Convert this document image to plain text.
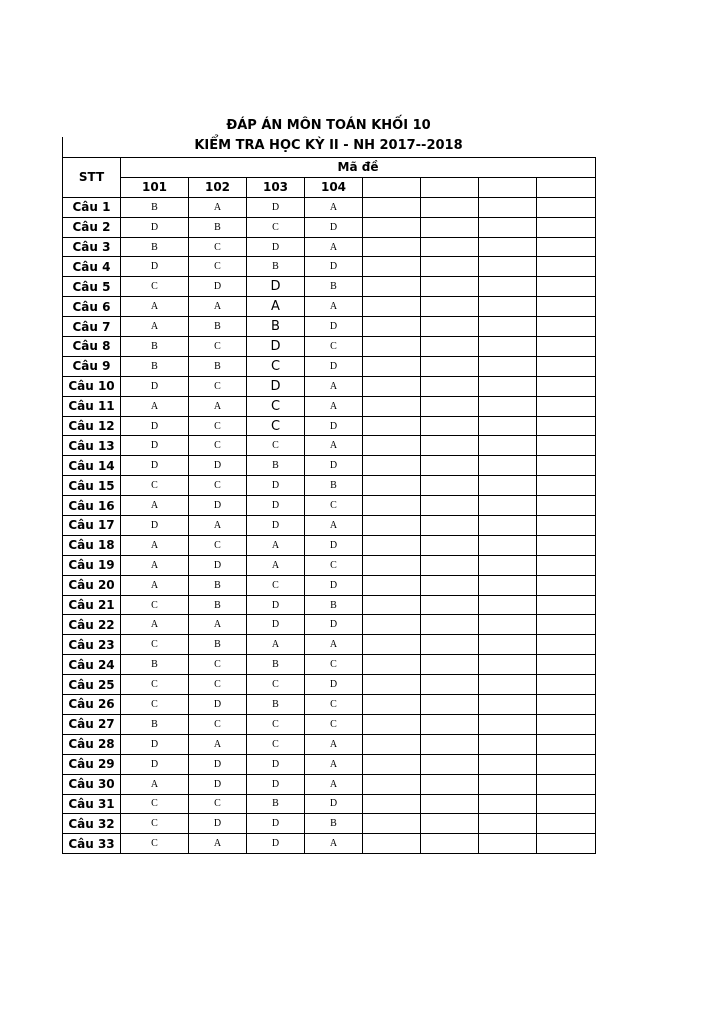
ĐÁP ÁN MÔN TOÁN KHỐI 10
KIỂM TRA HỌC KỲ II - NH 2017--2018
STT	Mã đề							
	101	102	103	104				
Câu 1	B	A	D	A				
Câu 2	D	B	C	D				
Câu 3	B	C	D	A				
Câu 4	D	C	B	D				
Câu 5	C	D	D	B				
Câu 6	A	A	A	A				
Câu 7	A	B	B	D				
Câu 8	B	C	D	C				
Câu 9	B	B	C	D				
Câu 10	D	C	D	A				
Câu 11	A	A	C	A				
Câu 12	D	C	C	D				
Câu 13	D	C	C	A				
Câu 14	D	D	B	D				
Câu 15	C	C	D	B				
Câu 16	A	D	D	C				
Câu 17	D	A	D	A				
Câu 18	A	C	A	D				
Câu 19	A	D	A	C				
Câu 20	A	B	C	D				
Câu 21	C	B	D	B				
Câu 22	A	A	D	D				
Câu 23	C	B	A	A				
Câu 24	B	C	B	C				
Câu 25	C	C	C	D				
Câu 26	C	D	B	C				
Câu 27	B	C	C	C				
Câu 28	D	A	C	A				
Câu 29	D	D	D	A				
Câu 30	A	D	D	A				
Câu 31	C	C	B	D				
Câu 32	C	D	D	B				
Câu 33	C	A	D	A				
